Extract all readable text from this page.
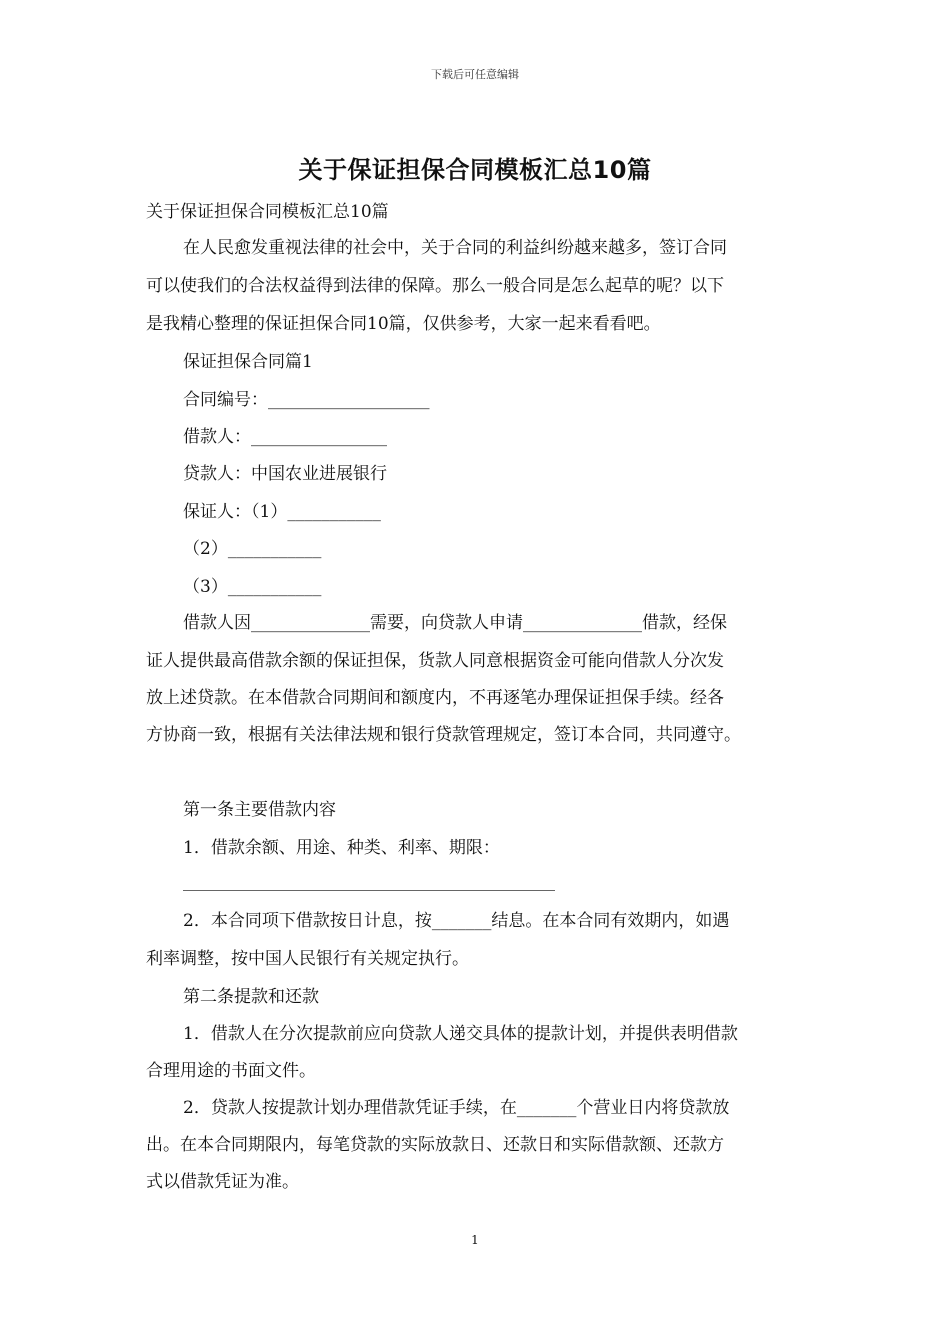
下载后可任意编辑
关于保证担保合同模板汇总10篇
关于保证担保合同模板汇总10篇
在人民愈发重视法律的社会中，关于合同的利益纠纷越来越多，签订合同
可以使我们的合法权益得到法律的保障。那么一般合同是怎么起草的呢？以下
是我精心整理的保证担保合同10篇，仅供参考，大家一起来看看吧。
保证担保合同篇1
合同编号：___________________
借款人：________________
贷款人：中国农业进展银行
保证人：（1）___________
（2）___________
（3）___________
借款人因______________需要，向贷款人申请______________借款，经保
证人提供最高借款余额的保证担保，货款人同意根据资金可能向借款人分次发
放上述贷款。在本借款合同期间和额度内，不再逐笔办理保证担保手续。经各
方协商一致，根据有关法律法规和银行贷款管理规定，签订本合同，共同遵守。
第一条主要借款内容
1．借款余额、用途、种类、利率、期限：
2．本合同项下借款按日计息，按_______结息。在本合同有效期内，如遇
利率调整，按中国人民银行有关规定执行。
第二条提款和还款
1．借款人在分次提款前应向贷款人递交具体的提款计划，并提供表明借款
合理用途的书面文件。
2．贷款人按提款计划办理借款凭证手续，在_______个营业日内将贷款放
出。在本合同期限内，每笔贷款的实际放款日、还款日和实际借款额、还款方
式以借款凭证为准。
1
